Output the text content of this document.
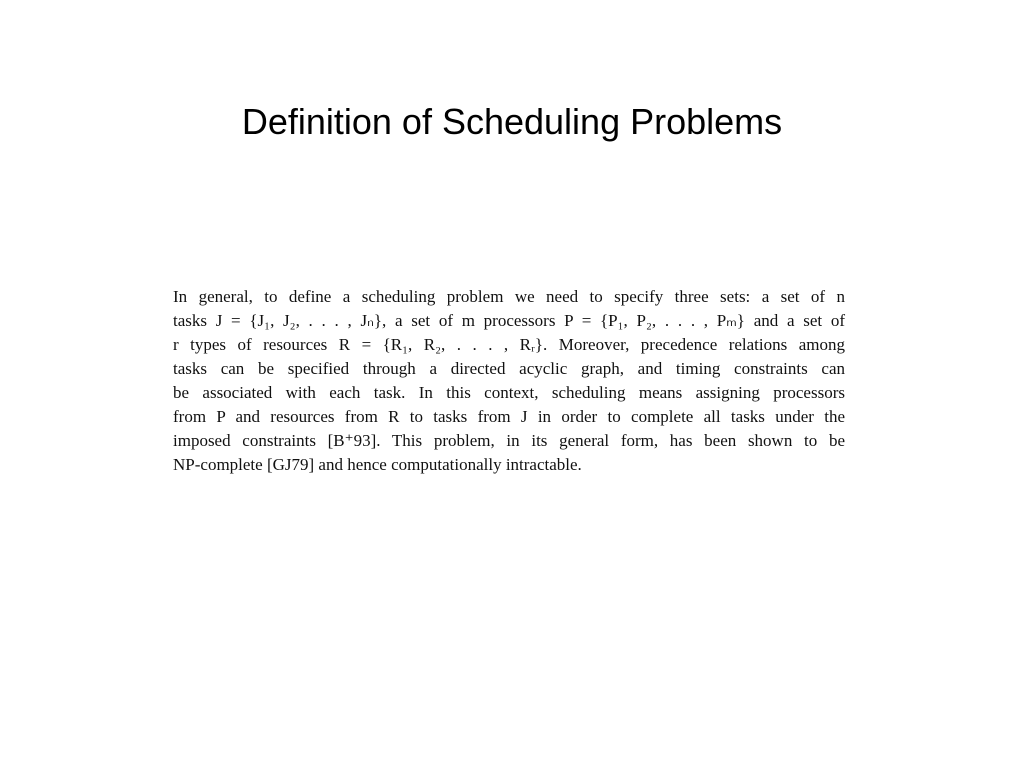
Definition of Scheduling Problems
In general, to define a scheduling problem we need to specify three sets: a set of n
tasks J = {J₁, J₂, . . . , Jₙ}, a set of m processors P = {P₁, P₂, . . . , Pₘ} and a set of
r types of resources R = {R₁, R₂, . . . , Rᵣ}. Moreover, precedence relations among
tasks can be specified through a directed acyclic graph, and timing constraints can
be associated with each task. In this context, scheduling means assigning processors
from P and resources from R to tasks from J in order to complete all tasks under the
imposed constraints [B⁺93]. This problem, in its general form, has been shown to be
NP-complete [GJ79] and hence computationally intractable.
